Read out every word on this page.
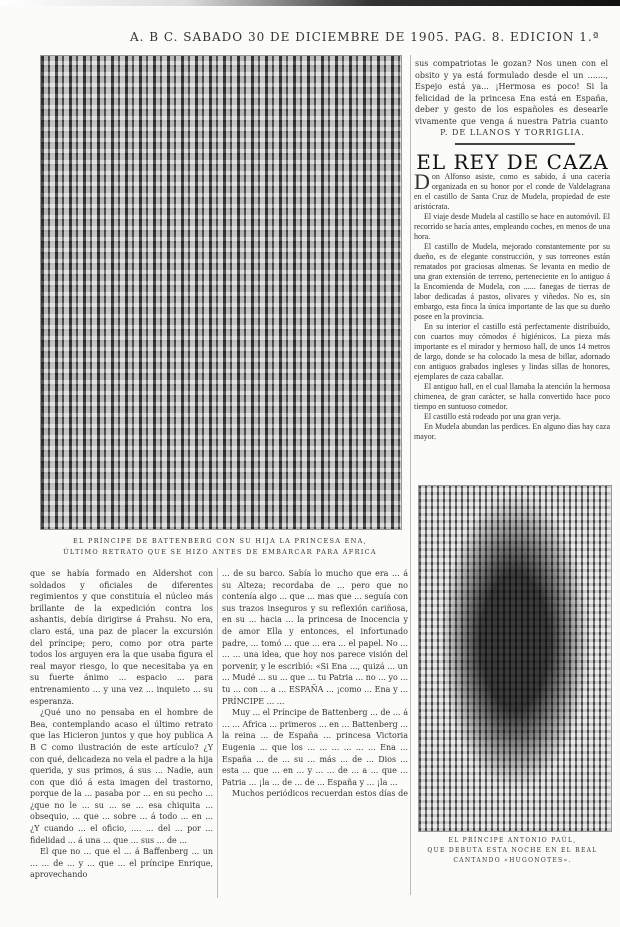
A. B C. SABADO 30 DE DICIEMBRE DE 1905. PAG. 8. EDICION 1.ª
EL PRÍNCIPE DE BATTENBERG CON SU HIJA LA PRINCESA ENA,
ÚLTIMO RETRATO QUE SE HIZO ANTES DE EMBARCAR PARA ÁFRICA

que se había formado en Aldershot con soldados y oficiales de diferentes regimientos y que constituía el núcleo más brillante de la expedición contra los ashantis, debía dirigirse á Prahsu. No era, claro está, una paz de placer la excursión del príncipe; pero, como por otra parte todos los arguyen era la que usaba figura el real mayor riesgo, lo que necesitaba ya en su fuerte ánimo ... espacio ... para entrenamiento ... y una vez ... inquieto ... su esperanza.

¿Qué uno no pensaba en el hombre de Bea, contemplando acaso el último retrato que las Hicieron juntos y que hoy publica A B C como ilustración de este artículo? ¿Y con qué, delicadeza no vela el padre a la hija querida, y sus primos, á sus ... Nadie, aun con que dió á esta imagen del trastorno, porque de la ... pasaba por ... en su pecho ... ¿que no le ... su ... se ... esa chiquita ... obsequio, ... que ... sobre ... á todo ... en ... ¿Y cuando ... el oficio, .... ... del ... por ... fidelidad ... á una ... que ... sus ... de ...

El que no ... que el ... á Baffenberg ... un ... ... de ... y ... que ... el príncipe Enrique, aprovechando

... de su barco. Sabía lo mucho que era ... á su Alteza; recordaba de ... pero que no contenía algo ... que ... mas que ... seguía con sus trazos inseguros y su reflexión cariñosa, en su ... hacia ... la princesa de Inocencia y de amor Ella y entonces, el infortunado padre, ... tomó ... que ... era ... el papel. No ... ... ... una idea, que hoy nos parece visión del porvenir, y le escribió: «Si Ena ..., quizá ... un ... Mudé ... su ... que ... tu Patria ... no ... yo ... tu ... con ... a ... ESPAÑA ... ¡como ... Ena y ... PRÍNCIPE ... ...

Muy ... el Príncipe de Battenberg ... de ... á ... ... Africa ... primeros ... en ... Battenberg ... la reina ... de España ... princesa Victoria Eugenia ... que los ... ... ... ... ... ... Ena ... España ... de ... su ... más ... de ... Dios ... esta ... que ... en ... y ... ... de ... a ... que ... Patria ... ¡la ... de ... de ... España y ... ¡la ...

Muchos periódicos recuerdan estos días de

sus compatriotas le gozan? Nos unen con el obsito y ya está formulado desde el un ......., Espejo está ya... ¡Hermosa es poco! Si la felicidad de la princesa Ena está en España, deber y gesto de los españoles es desearle vivamente que venga á nuestra Patria cuanto

P. DE LLANOS Y TORRIGLIA.
EL REY DE CAZA

Don Alfonso asiste, como es sabido, á una cacería organizada en su honor por el conde de Valdelagrana en el castillo de Santa Cruz de Mudela, propiedad de este aristócrata.

El viaje desde Mudela al castillo se hace en automóvil. El recorrido se hacía antes, empleando coches, en menos de una hora.

El castillo de Mudela, mejorado constantemente por su dueño, es de elegante construcción, y sus torreones están rematados por graciosas almenas. Se levanta en medio de una gran extensión de terreno, perteneciente en lo antiguo á la Encomienda de Mudela, con ...... fanegas de tierras de labor dedicadas á pastos, olivares y viñedos. No es, sin embargo, esta finca la única importante de las que su dueño posee en la provincia.

En su interior el castillo está perfectamente distribuído, con cuartos muy cómodos é higiénicos. La pieza más importante es el mirador y hermoso hall, de unos 14 metros de largo, donde se ha colocado la mesa de billar, adornado con antiguos grabados ingleses y lindas sillas de honores, ejemplares de caza caballar.

El antiguo hall, en el cual llamaba la atención la hermosa chimenea, de gran carácter, se halla convertido hace poco tiempo en suntuoso comedor.

El castillo está rodeado por una gran verja.

En Mudela abundan las perdices. En alguno días hay caza mayor.

EL PRÍNCIPE ANTONIO PAÚL,
QUE DEBUTA ESTA NOCHE EN EL REAL
CANTANDO «HUGONOTES».
